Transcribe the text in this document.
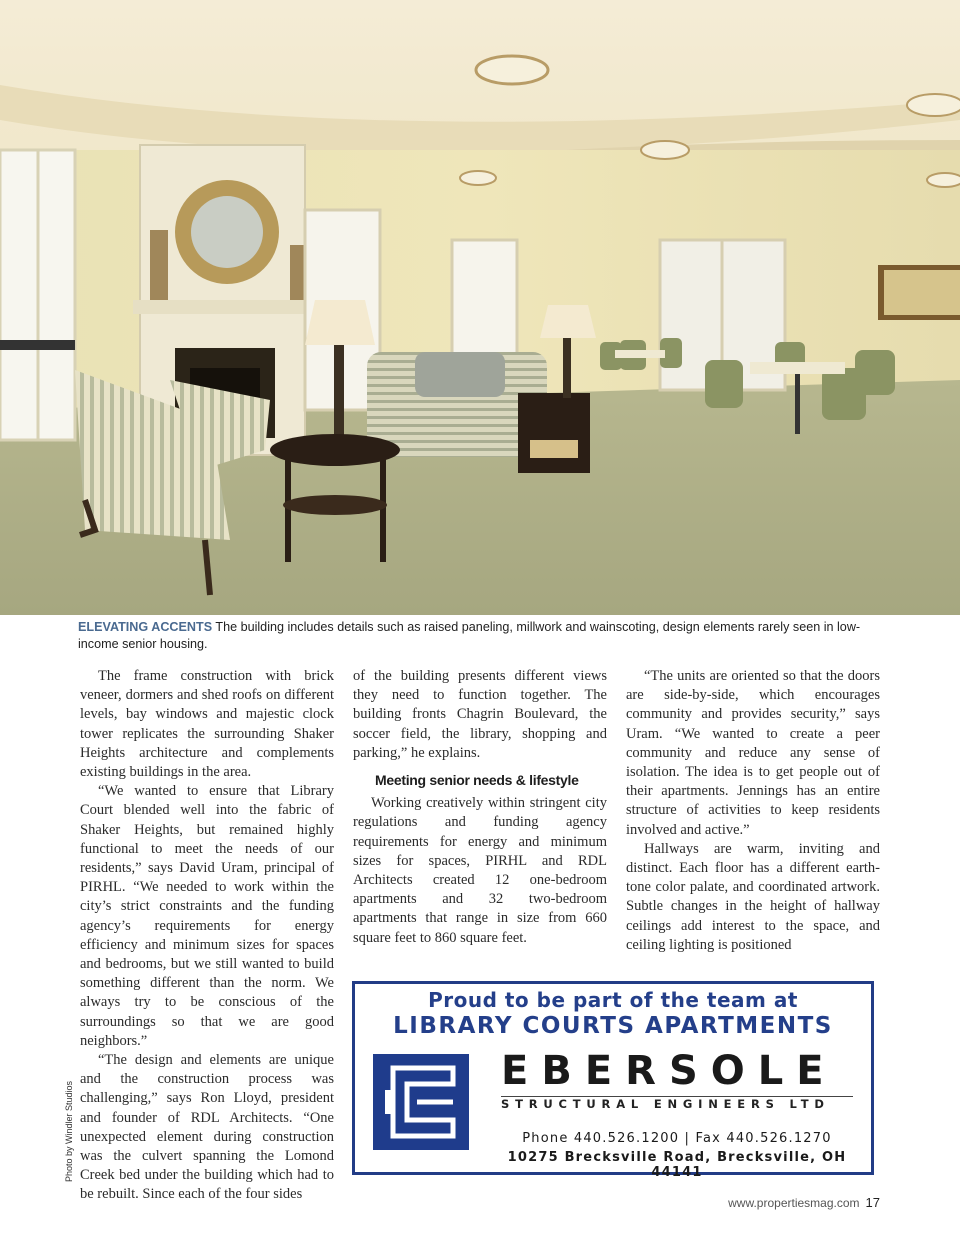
ELEVATING ACCENTS The building includes details such as raised paneling, millwork and wainscoting, design elements rarely seen in low-income senior housing.
Photo by Windler Studios

The frame construction with brick veneer, dormers and shed roofs on different levels, bay windows and majestic clock tower replicates the surrounding Shaker Heights architecture and complements existing buildings in the area.

“We wanted to ensure that Library Court blended well into the fabric of Shaker Heights, but remained highly functional to meet the needs of our residents,” says David Uram, principal of PIRHL. “We needed to work within the city’s strict constraints and the funding agency’s requirements for energy efficiency and minimum sizes for spaces and bedrooms, but we still wanted to build something different than the norm. We always try to be conscious of the surroundings so that we are good neighbors.”

“The design and elements are unique and the construction process was challenging,” says Ron Lloyd, president and founder of RDL Architects. “One unexpected element during construction was the culvert spanning the Lomond Creek bed under the building which had to be rebuilt. Since each of the four sides

of the building presents different views they need to function together. The building fronts Chagrin Boulevard, the soccer field, the library, shopping and parking,” he explains.

Meeting senior needs & lifestyle

Working creatively within stringent city regulations and funding agency requirements for energy and minimum sizes for spaces, PIRHL and RDL Architects created 12 one-bedroom apartments and 32 two-bedroom apartments that range in size from 660 square feet to 860 square feet.

“The units are oriented so that the doors are side-by-side, which encourages community and provides security,” says Uram. “We wanted to create a peer community and reduce any sense of isolation. The idea is to get people out of their apartments. Jennings has an entire structure of activities to keep residents involved and active.”

Hallways are warm, inviting and distinct. Each floor has a different earth-tone color palate, and coordinated artwork. Subtle changes in the height of hallway ceilings add interest to the space, and ceiling lighting is positioned

Proud to be part of the team at
LIBRARY COURTS APARTMENTS
EBERSOLE
STRUCTURAL ENGINEERS LTD
Phone 440.526.1200 | Fax 440.526.1270
10275 Brecksville Road, Brecksville, OH 44141
www.propertiesmag.com 17
